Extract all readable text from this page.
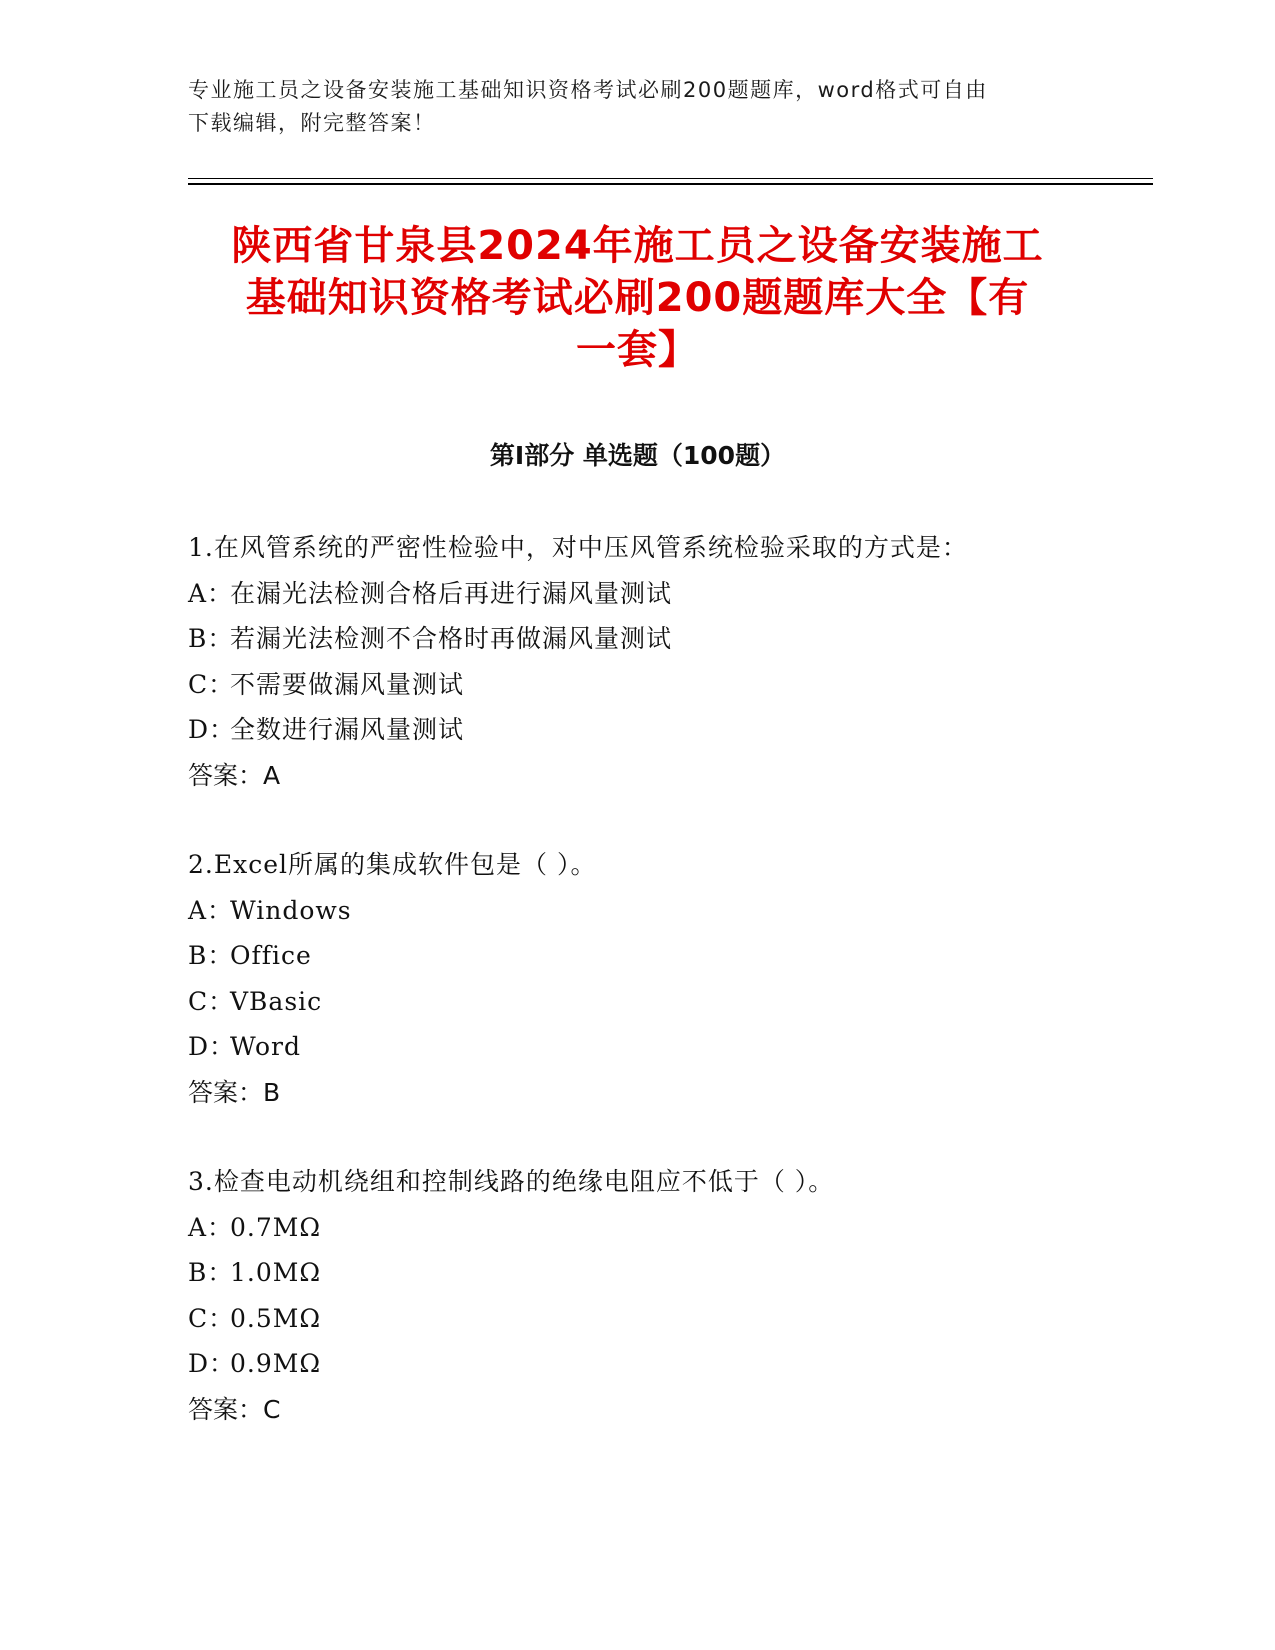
专业施工员之设备安装施工基础知识资格考试必刷200题题库，word格式可自由
下载编辑，附完整答案！
陕西省甘泉县2024年施工员之设备安装施工
基础知识资格考试必刷200题题库大全【有
一套】
第Ⅰ部分 单选题（100题）
1.在风管系统的严密性检验中，对中压风管系统检验采取的方式是：
A：在漏光法检测合格后再进行漏风量测试
B：若漏光法检测不合格时再做漏风量测试
C：不需要做漏风量测试
D：全数进行漏风量测试
答案：A
2.Excel所属的集成软件包是（ ）。
A：Windows
B：Office
C：VBasic
D：Word
答案：B
3.检查电动机绕组和控制线路的绝缘电阻应不低于（ ）。
A：0.7MΩ
B：1.0MΩ
C：0.5MΩ
D：0.9MΩ
答案：C
